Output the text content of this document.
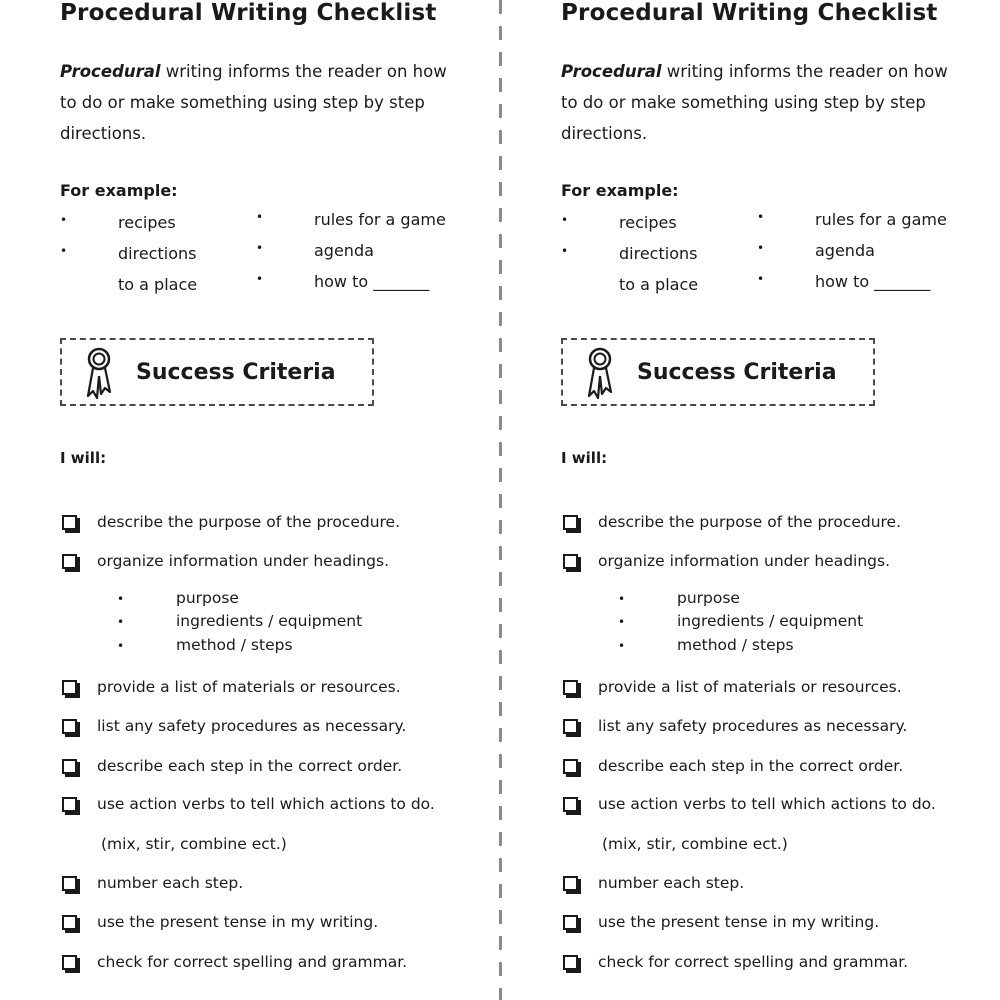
Procedural Writing Checklist
Procedural writing informs the reader on how to do or make something using step by step directions.
For example:
•	recipes
•	directions
to a place
•	rules for a game
•	agenda
•	how to _______
Success Criteria
I will:
describe the purpose of the procedure.
organize information under headings.
•	purpose
•	ingredients / equipment
•	method / steps
provide a list of materials or resources.
list any safety procedures as necessary.
describe each step in the correct order.
use action verbs to tell which actions to do.
(mix, stir, combine ect.)
number each step.
use the present tense in my writing.
check for correct spelling and grammar.
Procedural Writing Checklist
Procedural writing informs the reader on how to do or make something using step by step directions.
For example:
•	recipes
•	directions
to a place
•	rules for a game
•	agenda
•	how to _______
Success Criteria
I will:
describe the purpose of the procedure.
organize information under headings.
•	purpose
•	ingredients / equipment
•	method / steps
provide a list of materials or resources.
list any safety procedures as necessary.
describe each step in the correct order.
use action verbs to tell which actions to do.
(mix, stir, combine ect.)
number each step.
use the present tense in my writing.
check for correct spelling and grammar.
